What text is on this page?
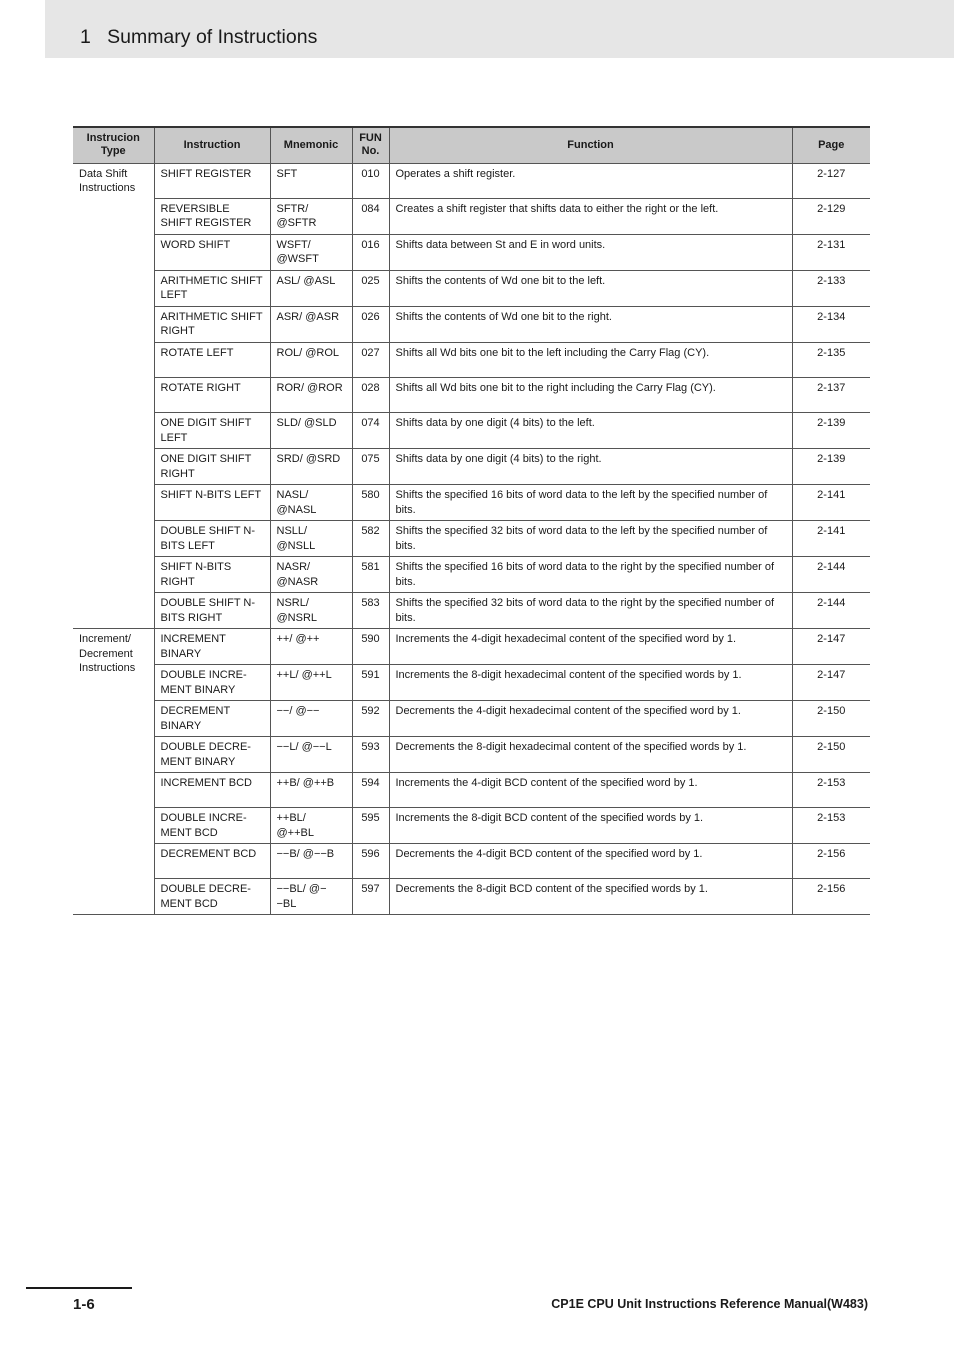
1   Summary of Instructions
Instrucion Type	Instruction	Mnemonic	FUN No.	Function	Page
Data Shift Instructions	SHIFT REGISTER	SFT	010	Operates a shift register.	2-127
	REVERSIBLE SHIFT REGISTER	SFTR/ @SFTR	084	Creates a shift register that shifts data to either the right or the left.	2-129
	WORD SHIFT	WSFT/ @WSFT	016	Shifts data between St and E in word units.	2-131
	ARITHMETIC SHIFT LEFT	ASL/ @ASL	025	Shifts the contents of Wd one bit to the left.	2-133
	ARITHMETIC SHIFT RIGHT	ASR/ @ASR	026	Shifts the contents of Wd one bit to the right.	2-134
	ROTATE LEFT	ROL/ @ROL	027	Shifts all Wd bits one bit to the left including the Carry Flag (CY).	2-135
	ROTATE RIGHT	ROR/ @ROR	028	Shifts all Wd bits one bit to the right including the Carry Flag (CY).	2-137
	ONE DIGIT SHIFT LEFT	SLD/ @SLD	074	Shifts data by one digit (4 bits) to the left.	2-139
	ONE DIGIT SHIFT RIGHT	SRD/ @SRD	075	Shifts data by one digit (4 bits) to the right.	2-139
	SHIFT N-BITS LEFT	NASL/ @NASL	580	Shifts the specified 16 bits of word data to the left by the specified number of bits.	2-141
	DOUBLE SHIFT N-BITS LEFT	NSLL/ @NSLL	582	Shifts the specified 32 bits of word data to the left by the specified number of bits.	2-141
	SHIFT N-BITS RIGHT	NASR/ @NASR	581	Shifts the specified 16 bits of word data to the right by the specified number of bits.	2-144
	DOUBLE SHIFT N-BITS RIGHT	NSRL/ @NSRL	583	Shifts the specified 32 bits of word data to the right by the specified number of bits.	2-144
Increment/ Decrement Instructions	INCREMENT BINARY	++/ @++	590	Increments the 4-digit hexadecimal content of the specified word by 1.	2-147
	DOUBLE INCRE-MENT BINARY	++L/ @++L	591	Increments the 8-digit hexadecimal content of the specified words by 1.	2-147
	DECREMENT BINARY	−−/ @−−	592	Decrements the 4-digit hexadecimal content of the specified word by 1.	2-150
	DOUBLE DECRE-MENT BINARY	−−L/ @−−L	593	Decrements the 8-digit hexadecimal content of the specified words by 1.	2-150
	INCREMENT BCD	++B/ @++B	594	Increments the 4-digit BCD content of the specified word by 1.	2-153
	DOUBLE INCRE-MENT BCD	++BL/ @++BL	595	Increments the 8-digit BCD content of the specified words by 1.	2-153
	DECREMENT BCD	−−B/ @−−B	596	Decrements the 4-digit BCD content of the specified word by 1.	2-156
	DOUBLE DECRE-MENT BCD	−−BL/ @−−BL	597	Decrements the 8-digit BCD content of the specified words by 1.	2-156
1-6	CP1E CPU Unit Instructions Reference Manual(W483)
